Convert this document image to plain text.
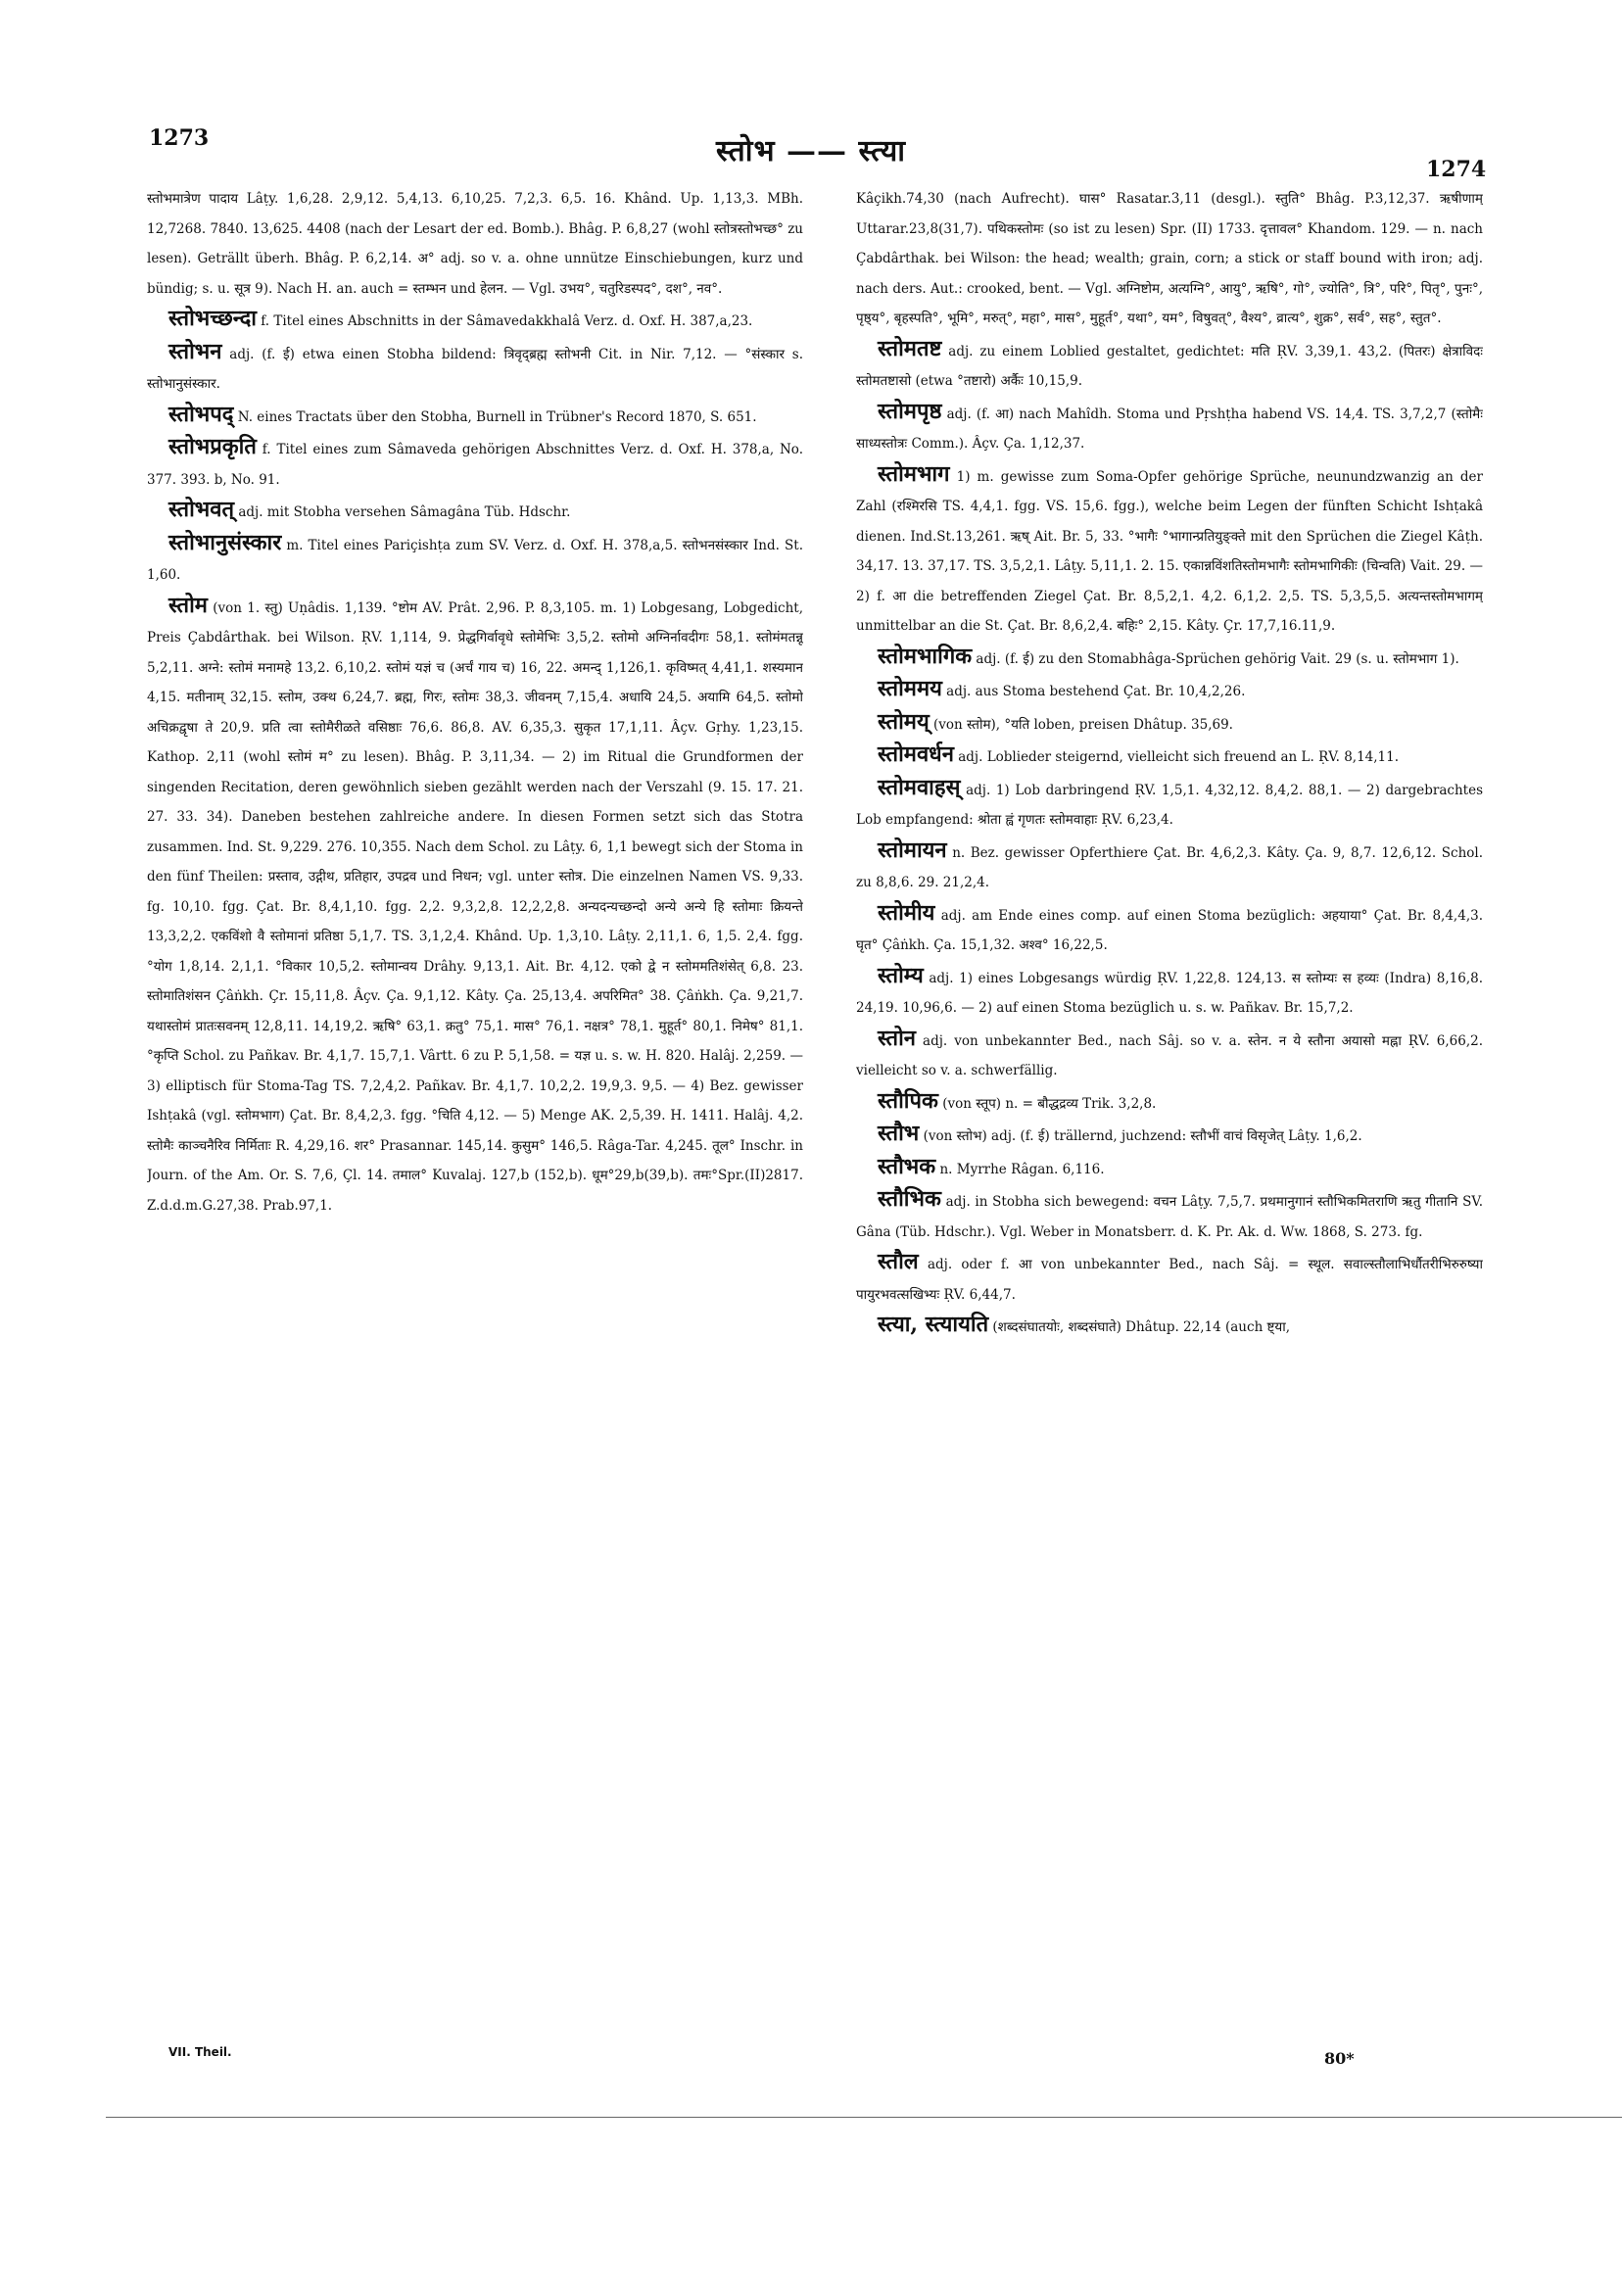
1273	स्तोभ —— स्त्या
1274

स्तोभमात्रेण पादाय Lâṭy. 1,6,28. 2,9,12. 5,4,13. 6,10,25. 7,2,3. 6,5. 16. Khând. Up. 1,13,3. MBh. 12,7268. 7840. 13,625. 4408 (nach der Lesart der ed. Bomb.). Bhâg. P. 6,8,27 (wohl स्तोत्रस्तोभच्छ° zu lesen). Geträllt überh. Bhâg. P. 6,2,14. अ° adj. so v. a. ohne unnütze Einschiebungen, kurz und bündig; s. u. सूत्र 9). Nach H. an. auch = स्तम्भन und हेलन. — Vgl. उभय°, चतुरिडस्पद°, दश°, नव°.

स्तोभच्छन्दा f. Titel eines Abschnitts in der Sâmavedakkhalâ Verz. d. Oxf. H. 387,a,23.

स्तोभन adj. (f. ई) etwa einen Stobha bildend: त्रिवृद्ब्रह्म स्तोभनी Cit. in Nir. 7,12. — °संस्कार s. स्तोभानुसंस्कार.

स्तोभपद् N. eines Tractats über den Stobha, Burnell in Trübner's Record 1870, S. 651.

स्तोभप्रकृति f. Titel eines zum Sâmaveda gehörigen Abschnittes Verz. d. Oxf. H. 378,a, No. 377. 393. b, No. 91.

स्तोभवत् adj. mit Stobha versehen Sâmagâna Tüb. Hdschr.

स्तोभानुसंस्कार m. Titel eines Pariçishṭa zum SV. Verz. d. Oxf. H. 378,a,5. स्तोभनसंस्कार Ind. St. 1,60.

स्तोम (von 1. स्तु) Uṇâdis. 1,139. °ष्टोम AV. Prât. 2,96. P. 8,3,105. m. 1) Lobgesang, Lobgedicht, Preis Çabdârthak. bei Wilson. ṚV. 1,114, 9. प्रेद्धगिर्वावृधे स्तोमेभिः 3,5,2. स्तोमो अग्निर्नावदीगः 58,1. स्तोमंमतन्नू 5,2,11. अग्ने: स्तोमं मनामहे 13,2. 6,10,2. स्तोमं यज्ञं च (अर्चं गाय च) 16, 22. अमन्द् 1,126,1. कृविष्मत् 4,41,1. शस्यमान 4,15. मतीनाम् 32,15. स्तोम, उक्थ 6,24,7. ब्रह्म, गिरः, स्तोमः 38,3. जीवनम् 7,15,4. अधायि 24,5. अयामि 64,5. स्तोमो अचिक्रद्वृषा ते 20,9. प्रति त्वा स्तोमैरीळते वसिष्ठाः 76,6. 86,8. AV. 6,35,3. सुकृत 17,1,11. Âçv. Gṛhy. 1,23,15. Kathop. 2,11 (wohl स्तोमं म° zu lesen). Bhâg. P. 3,11,34. — 2) im Ritual die Grundformen der singenden Recitation, deren gewöhnlich sieben gezählt werden nach der Verszahl (9. 15. 17. 21. 27. 33. 34). Daneben bestehen zahlreiche andere. In diesen Formen setzt sich das Stotra zusammen. Ind. St. 9,229. 276. 10,355. Nach dem Schol. zu Lâṭy. 6, 1,1 bewegt sich der Stoma in den fünf Theilen: प्रस्ताव, उद्गीथ, प्रतिहार, उपद्रव und निधन; vgl. unter स्तोत्र. Die einzelnen Namen VS. 9,33. fg. 10,10. fgg. Çat. Br. 8,4,1,10. fgg. 2,2. 9,3,2,8. 12,2,2,8. अन्यदन्यच्छन्दो अन्ये अन्ये हि स्तोमाः क्रियन्ते 13,3,2,2. एकविंशो वै स्तोमानां प्रतिष्ठा 5,1,7. TS. 3,1,2,4. Khând. Up. 1,3,10. Lâṭy. 2,11,1. 6, 1,5. 2,4. fgg. °योग 1,8,14. 2,1,1. °विकार 10,5,2. स्तोमान्वय Drâhy. 9,13,1. Ait. Br. 4,12. एको द्वे न स्तोममतिशंसेत् 6,8. 23. स्तोमातिशंसन Çâṅkh. Çr. 15,11,8. Âçv. Ça. 9,1,12. Kâty. Ça. 25,13,4. अपरिमित° 38. Çâṅkh. Ça. 9,21,7. यथास्तोमं प्रातःसवनम् 12,8,11. 14,19,2. ऋषि° 63,1. क्रतु° 75,1. मास° 76,1. नक्षत्र° 78,1. मुहूर्त° 80,1. निमेष° 81,1. °कृप्ति Schol. zu Pañkav. Br. 4,1,7. 15,7,1. Vârtt. 6 zu P. 5,1,58. = यज्ञ u. s. w. H. 820. Halâj. 2,259. — 3) elliptisch für Stoma-Tag TS. 7,2,4,2. Pañkav. Br. 4,1,7. 10,2,2. 19,9,3. 9,5. — 4) Bez. gewisser Ishṭakâ (vgl. स्तोमभाग) Çat. Br. 8,4,2,3. fgg. °चिति 4,12. — 5) Menge AK. 2,5,39. H. 1411. Halâj. 4,2. स्तोमैः काञ्चनैरिव निर्मिताः R. 4,29,16. शर° Prasannar. 145,14. कुसुम° 146,5. Râga-Tar. 4,245. तूल° Inschr. in Journ. of the Am. Or. S. 7,6, Çl. 14. तमाल° Kuvalaj. 127,b (152,b). धूम°29,b(39,b). तमः°Spr.(II)2817. Z.d.d.m.G.27,38. Prab.97,1.

Kâçikh.74,30 (nach Aufrecht). घास° Rasatar.3,11 (desgl.). स्तुति° Bhâg. P.3,12,37. ऋषीणाम् Uttarar.23,8(31,7). पथिकस्तोमः (so ist zu lesen) Spr. (II) 1733. दृत्तावल° Khandom. 129. — n. nach Çabdârthak. bei Wilson: the head; wealth; grain, corn; a stick or staff bound with iron; adj. nach ders. Aut.: crooked, bent. — Vgl. अग्निष्टोम, अत्यग्नि°, आयु°, ऋषि°, गो°, ज्योति°, त्रि°, परि°, पितृ°, पुनः°, पृष्ठ्य°, बृहस्पति°, भूमि°, मरुत्°, महा°, मास°, मुहूर्त°, यथा°, यम°, विषुवत्°, वैश्य°, व्रात्य°, शुक्र°, सर्व°, सह°, स्तुत°.

स्तोमतष्ट adj. zu einem Loblied gestaltet, gedichtet: मति ṚV. 3,39,1. 43,2. (पितरः) क्षेत्राविदः स्तोमतष्टासो (etwa °तष्टारो) अर्कैः 10,15,9.

स्तोमपृष्ठ adj. (f. आ) nach Mahîdh. Stoma und Pṛshṭha habend VS. 14,4. TS. 3,7,2,7 (स्तोमैः साध्यस्तोत्रः Comm.). Âçv. Ça. 1,12,37.

स्तोमभाग 1) m. gewisse zum Soma-Opfer gehörige Sprüche, neunundzwanzig an der Zahl (रश्मिरसि TS. 4,4,1. fgg. VS. 15,6. fgg.), welche beim Legen der fünften Schicht Ishṭakâ dienen. Ind.St.13,261. ऋष् Ait. Br. 5, 33. °भागैः °भागान्प्रतियुङ्क्ते mit den Sprüchen die Ziegel Kâṭh. 34,17. 13. 37,17. TS. 3,5,2,1. Lâṭy. 5,11,1. 2. 15. एकान्नविंशतिस्तोमभागैः स्तोमभागिकीः (चिन्वति) Vait. 29. — 2) f. आ die betreffenden Ziegel Çat. Br. 8,5,2,1. 4,2. 6,1,2. 2,5. TS. 5,3,5,5. अत्यन्तस्तोमभागम् unmittelbar an die St. Çat. Br. 8,6,2,4. बहिः° 2,15. Kâty. Çr. 17,7,16.11,9.

स्तोमभागिक adj. (f. ई) zu den Stomabhâga-Sprüchen gehörig Vait. 29 (s. u. स्तोमभाग 1).

स्तोममय adj. aus Stoma bestehend Çat. Br. 10,4,2,26.

स्तोमय् (von स्तोम), °यति loben, preisen Dhâtup. 35,69.

स्तोमवर्धन adj. Loblieder steigernd, vielleicht sich freuend an L. ṚV. 8,14,11.

स्तोमवाहस् adj. 1) Lob darbringend ṚV. 1,5,1. 4,32,12. 8,4,2. 88,1. — 2) dargebrachtes Lob empfangend: श्रोता ह्वं गृणतः स्तोमवाहाः ṚV. 6,23,4.

स्तोमायन n. Bez. gewisser Opferthiere Çat. Br. 4,6,2,3. Kâty. Ça. 9, 8,7. 12,6,12. Schol. zu 8,8,6. 29. 21,2,4.

स्तोमीय adj. am Ende eines comp. auf einen Stoma bezüglich: अहयाया° Çat. Br. 8,4,4,3. घृत° Çâṅkh. Ça. 15,1,32. अश्व° 16,22,5.

स्तोम्य adj. 1) eines Lobgesangs würdig ṚV. 1,22,8. 124,13. स स्तोम्यः स हव्यः (Indra) 8,16,8. 24,19. 10,96,6. — 2) auf einen Stoma bezüglich u. s. w. Pañkav. Br. 15,7,2.

स्तोन adj. von unbekannter Bed., nach Sâj. so v. a. स्तेन. न ये स्तौना अयासो मह्ना ṚV. 6,66,2. vielleicht so v. a. schwerfällig.

स्तौपिक (von स्तूप) n. = बौद्धद्रव्य Trik. 3,2,8.

स्तौभ (von स्तोभ) adj. (f. ई) trällernd, juchzend: स्तौभीं वाचं विसृजेत् Lâṭy. 1,6,2.

स्तौभक n. Myrrhe Râgan. 6,116.

स्तौभिक adj. in Stobha sich bewegend: वचन Lâṭy. 7,5,7. प्रथमानुगानं स्तौभिकमितराणि ऋतु गीतानि SV. Gâna (Tüb. Hdschr.). Vgl. Weber in Monatsberr. d. K. Pr. Ak. d. Ww. 1868, S. 273. fg.

स्तौल adj. oder f. आ von unbekannter Bed., nach Sâj. = स्थूल. सवाल्स्तौलाभिर्धौतरीभिरुरुष्या पायुरभवत्सखिभ्यः ṚV. 6,44,7.

स्त्या, स्त्यायति (शब्दसंघातयोः, शब्दसंघाते) Dhâtup. 22,14 (auch ष्ट्या,

VII. Theil.	80*
